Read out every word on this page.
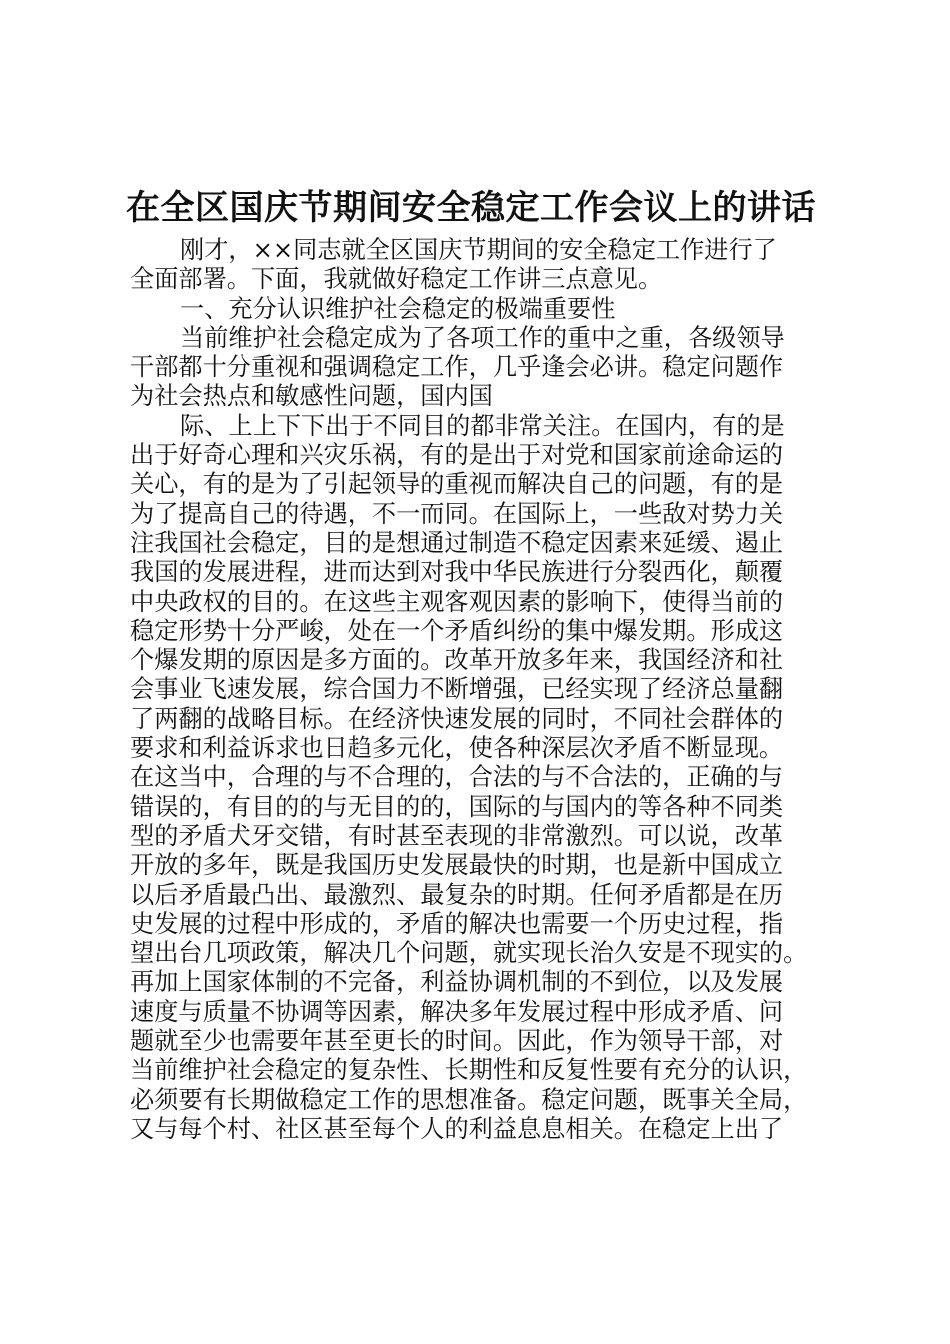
在全区国庆节期间安全稳定工作会议上的讲话

刚才，××同志就全区国庆节期间的安全稳定工作进行了
全面部署。下面，我就做好稳定工作讲三点意见。

一、充分认识维护社会稳定的极端重要性

当前维护社会稳定成为了各项工作的重中之重，各级领导
干部都十分重视和强调稳定工作，几乎逢会必讲。稳定问题作
为社会热点和敏感性问题，国内国

际、上上下下出于不同目的都非常关注。在国内，有的是
出于好奇心理和兴灾乐祸，有的是出于对党和国家前途命运的
关心，有的是为了引起领导的重视而解决自己的问题，有的是
为了提高自己的待遇，不一而同。在国际上，一些敌对势力关
注我国社会稳定，目的是想通过制造不稳定因素来延缓、遏止
我国的发展进程，进而达到对我中华民族进行分裂西化，颠覆
中央政权的目的。在这些主观客观因素的影响下，使得当前的
稳定形势十分严峻，处在一个矛盾纠纷的集中爆发期。形成这
个爆发期的原因是多方面的。改革开放多年来，我国经济和社
会事业飞速发展，综合国力不断增强，已经实现了经济总量翻
了两翻的战略目标。在经济快速发展的同时，不同社会群体的
要求和利益诉求也日趋多元化，使各种深层次矛盾不断显现。
在这当中，合理的与不合理的，合法的与不合法的，正确的与
错误的，有目的的与无目的的，国际的与国内的等各种不同类
型的矛盾犬牙交错，有时甚至表现的非常激烈。可以说，改革
开放的多年，既是我国历史发展最快的时期，也是新中国成立
以后矛盾最凸出、最激烈、最复杂的时期。任何矛盾都是在历
史发展的过程中形成的，矛盾的解决也需要一个历史过程，指
望出台几项政策，解决几个问题，就实现长治久安是不现实的。
再加上国家体制的不完备，利益协调机制的不到位，以及发展
速度与质量不协调等因素，解决多年发展过程中形成矛盾、问
题就至少也需要年甚至更长的时间。因此，作为领导干部，对
当前维护社会稳定的复杂性、长期性和反复性要有充分的认识，
必须要有长期做稳定工作的思想准备。稳定问题，既事关全局，
又与每个村、社区甚至每个人的利益息息相关。在稳定上出了
